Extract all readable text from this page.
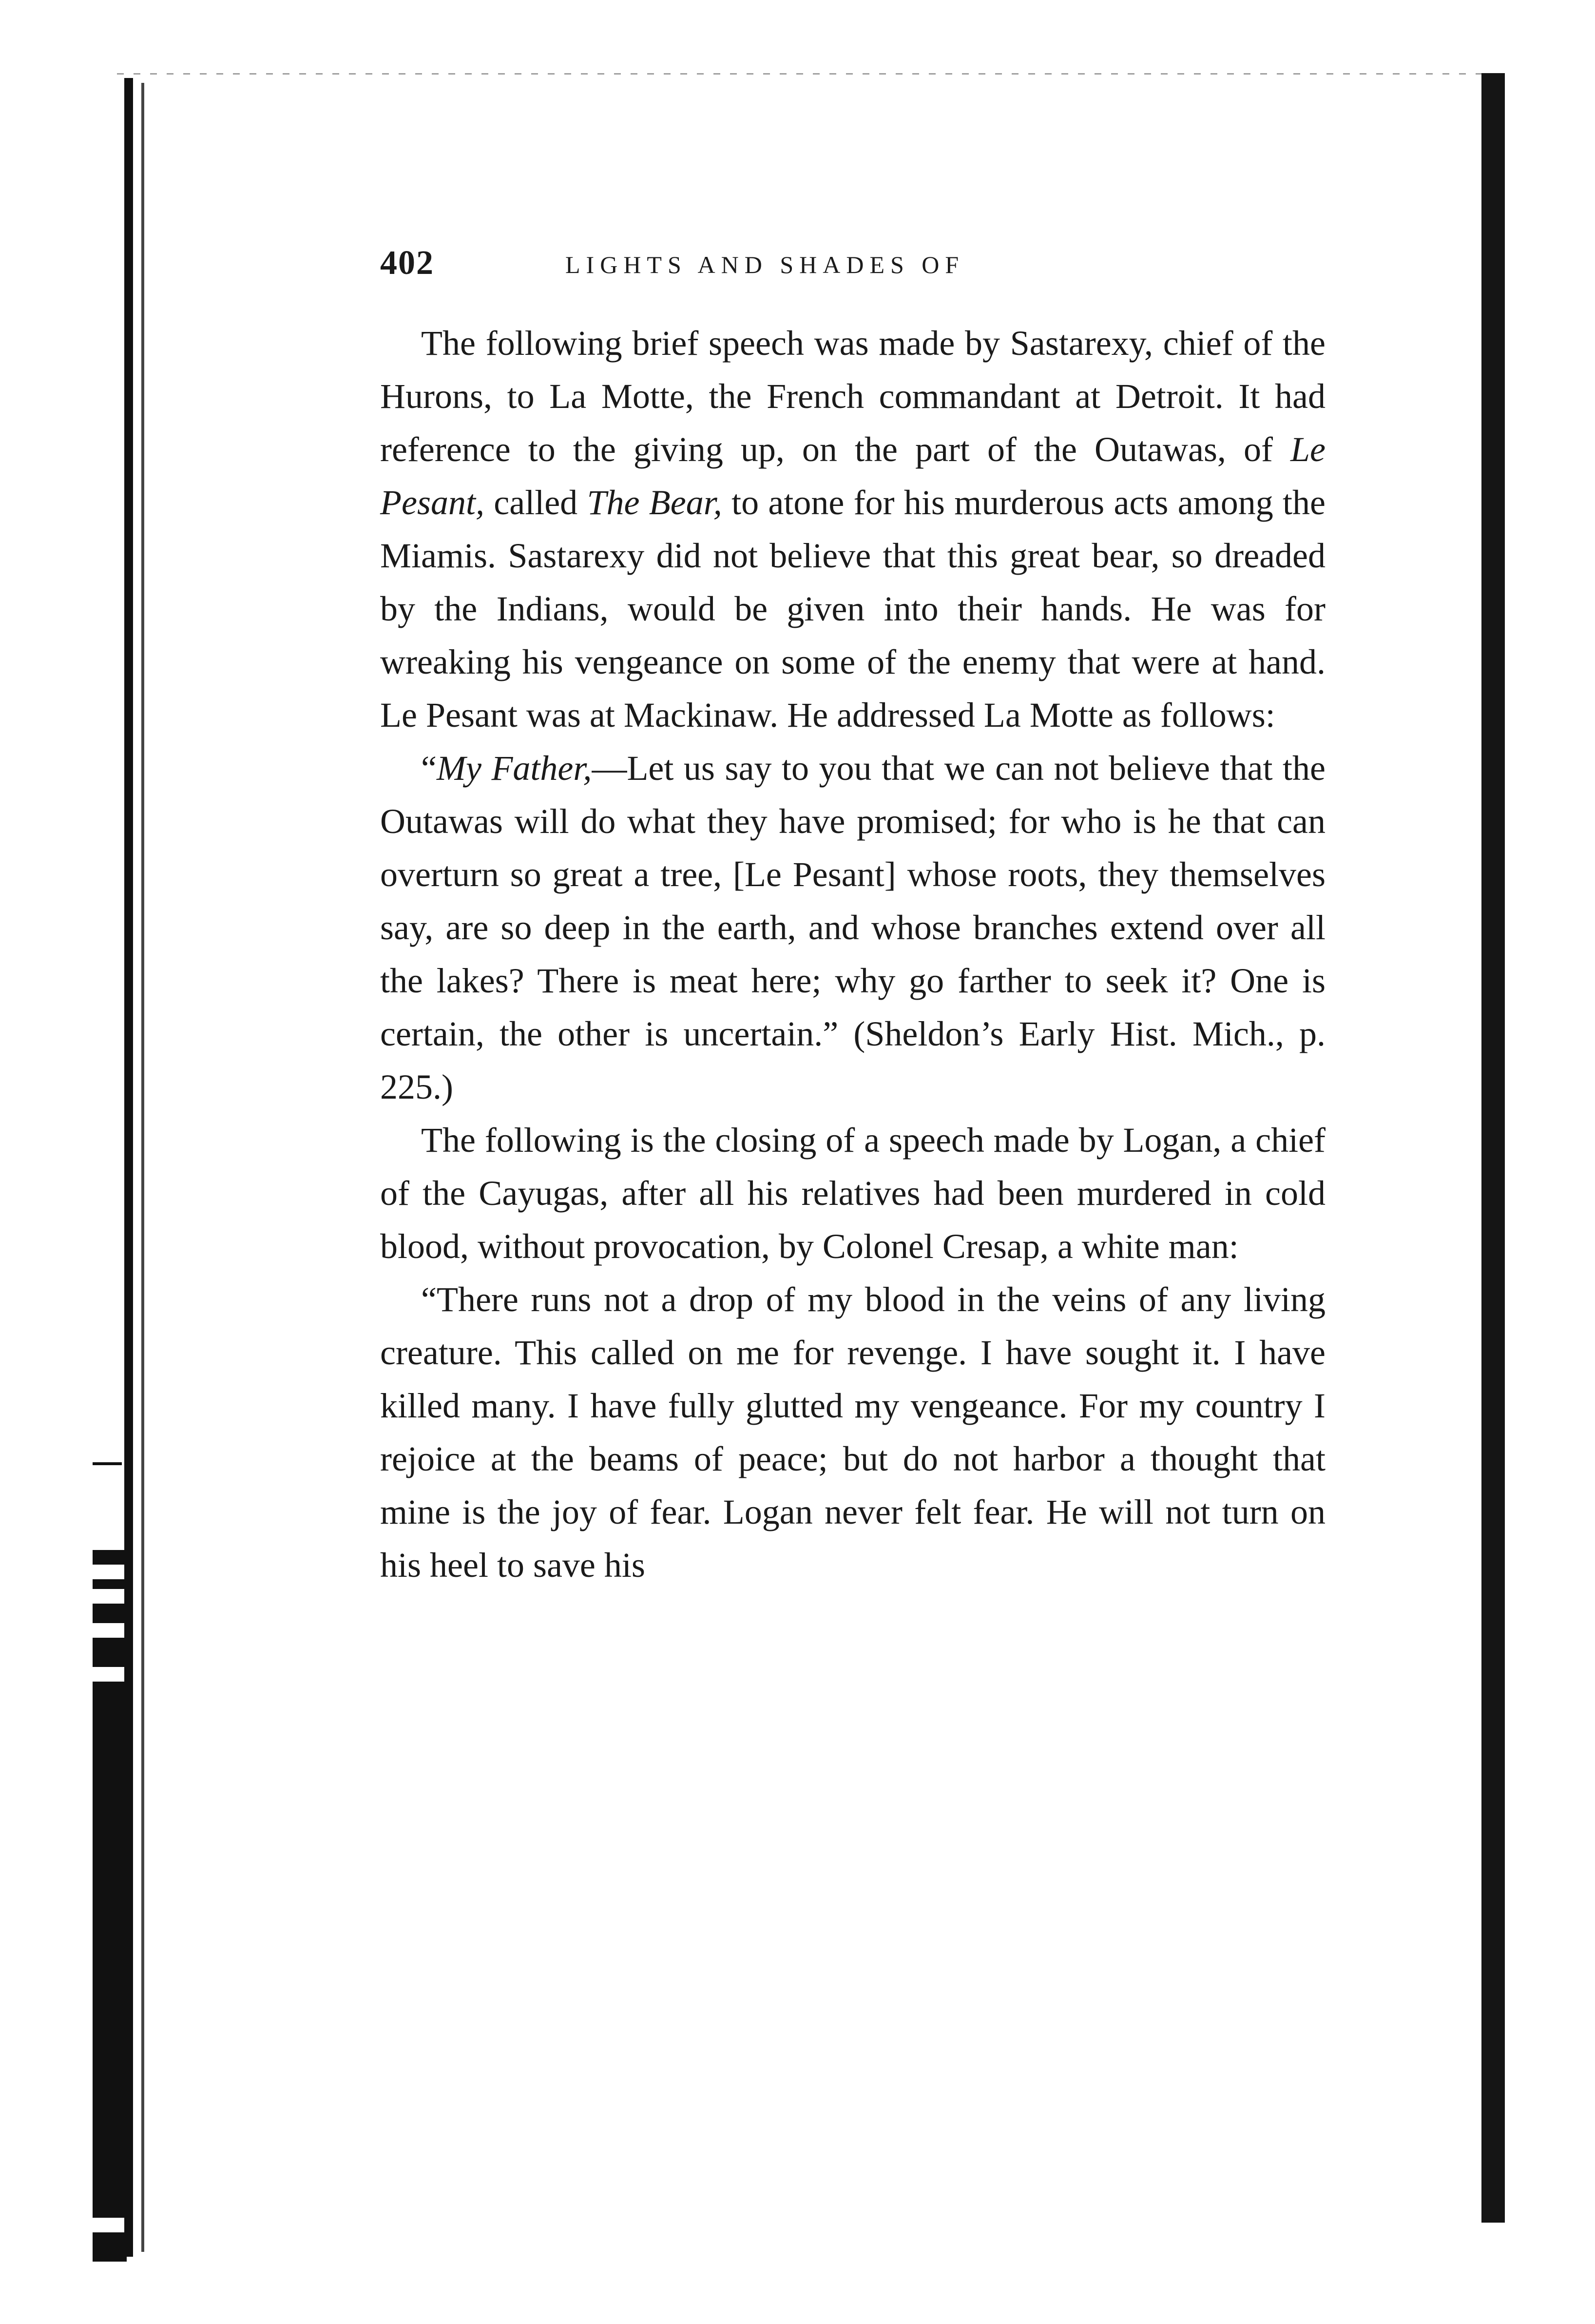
402	LIGHTS AND SHADES OF

The following brief speech was made by Sastarexy, chief of the Hurons, to La Motte, the French commandant at Detroit. It had reference to the giving up, on the part of the Outawas, of Le Pesant, called The Bear, to atone for his murderous acts among the Miamis. Sastarexy did not believe that this great bear, so dreaded by the Indians, would be given into their hands. He was for wreaking his vengeance on some of the enemy that were at hand. Le Pesant was at Mackinaw. He addressed La Motte as follows:

“My Father,—Let us say to you that we can not believe that the Outawas will do what they have promised; for who is he that can overturn so great a tree, [Le Pesant] whose roots, they themselves say, are so deep in the earth, and whose branches extend over all the lakes? There is meat here; why go farther to seek it? One is certain, the other is uncertain.” (Sheldon’s Early Hist. Mich., p. 225.)

The following is the closing of a speech made by Logan, a chief of the Cayugas, after all his relatives had been murdered in cold blood, without provocation, by Colonel Cresap, a white man:

“There runs not a drop of my blood in the veins of any living creature. This called on me for revenge. I have sought it. I have killed many. I have fully glutted my vengeance. For my country I rejoice at the beams of peace; but do not harbor a thought that mine is the joy of fear. Logan never felt fear. He will not turn on his heel to save his
